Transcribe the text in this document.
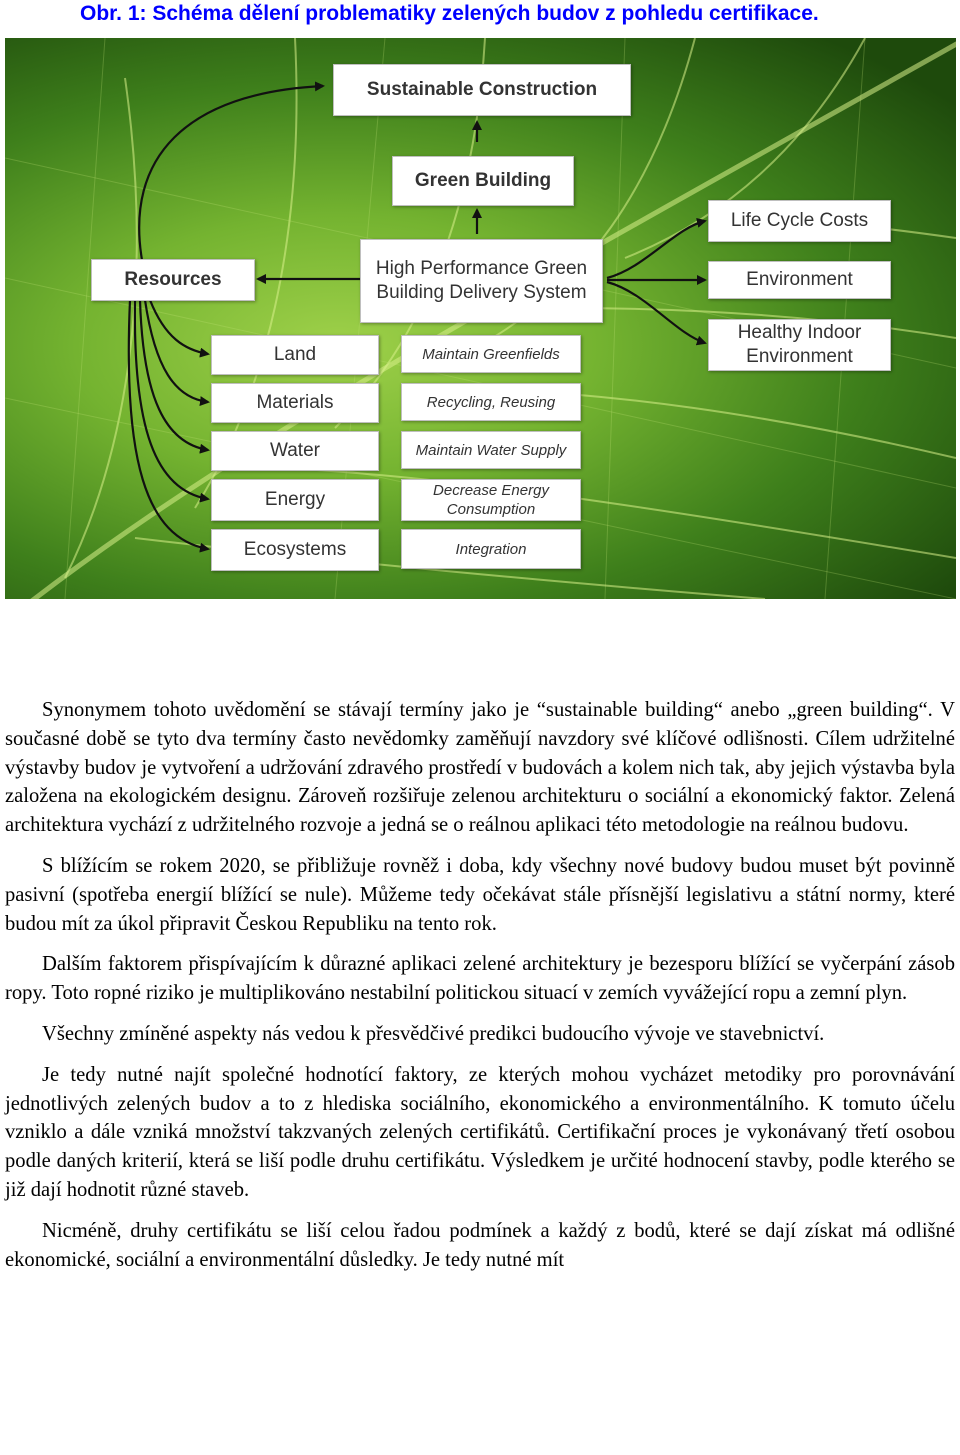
Obr. 1: Schéma dělení problematiky zelených budov z pohledu certifikace.
Sustainable Construction
Green Building
High Performance Green Building Delivery System
Resources
Land
Materials
Water
Energy
Ecosystems
Maintain Greenfields
Recycling, Reusing
Maintain Water Supply
Decrease Energy Consumption
Integration
Life Cycle Costs
Environment
Healthy Indoor Environment

Synonymem tohoto uvědomění se stávají termíny jako je “sustainable building“ anebo „green building“. V současné době se tyto dva termíny často nevědomky zaměňují navzdory své klíčové odlišnosti. Cílem udržitelné výstavby budov je vytvoření a udržování zdravého prostředí v budovách a kolem nich tak, aby jejich výstavba byla založena na ekologickém designu. Zároveň rozšiřuje zelenou architekturu o sociální a ekonomický faktor. Zelená architektura vychází z udržitelného rozvoje a jedná se o reálnou aplikaci této metodologie na reálnou budovu.

S blížícím se rokem 2020, se přibližuje rovněž i doba, kdy všechny nové budovy budou muset být povinně pasivní (spotřeba energií blížící se nule). Můžeme tedy očekávat stále přísnější legislativu a státní normy, které budou mít za úkol připravit Českou Republiku na tento rok.

Dalším faktorem přispívajícím k důrazné aplikaci zelené architektury je bezesporu blížící se vyčerpání zásob ropy. Toto ropné riziko je multiplikováno nestabilní politickou situací v zemích vyvážející ropu a zemní plyn.

Všechny zmíněné aspekty nás vedou k přesvědčivé predikci budoucího vývoje ve stavebnictví.

Je tedy nutné najít společné hodnotící faktory, ze kterých mohou vycházet metodiky pro porovnávání jednotlivých zelených budov a to z hlediska sociálního, ekonomického a environmentálního. K tomuto účelu vzniklo a dále vzniká množství takzvaných zelených certifikátů. Certifikační proces je vykonávaný třetí osobou podle daných kriterií, která se liší podle druhu certifikátu. Výsledkem je určité hodnocení stavby, podle kterého se již dají hodnotit různé staveb.

Nicméně, druhy certifikátu se liší celou řadou podmínek a každý z bodů, které se dají získat má odlišné ekonomické, sociální a environmentální důsledky. Je tedy nutné mít
